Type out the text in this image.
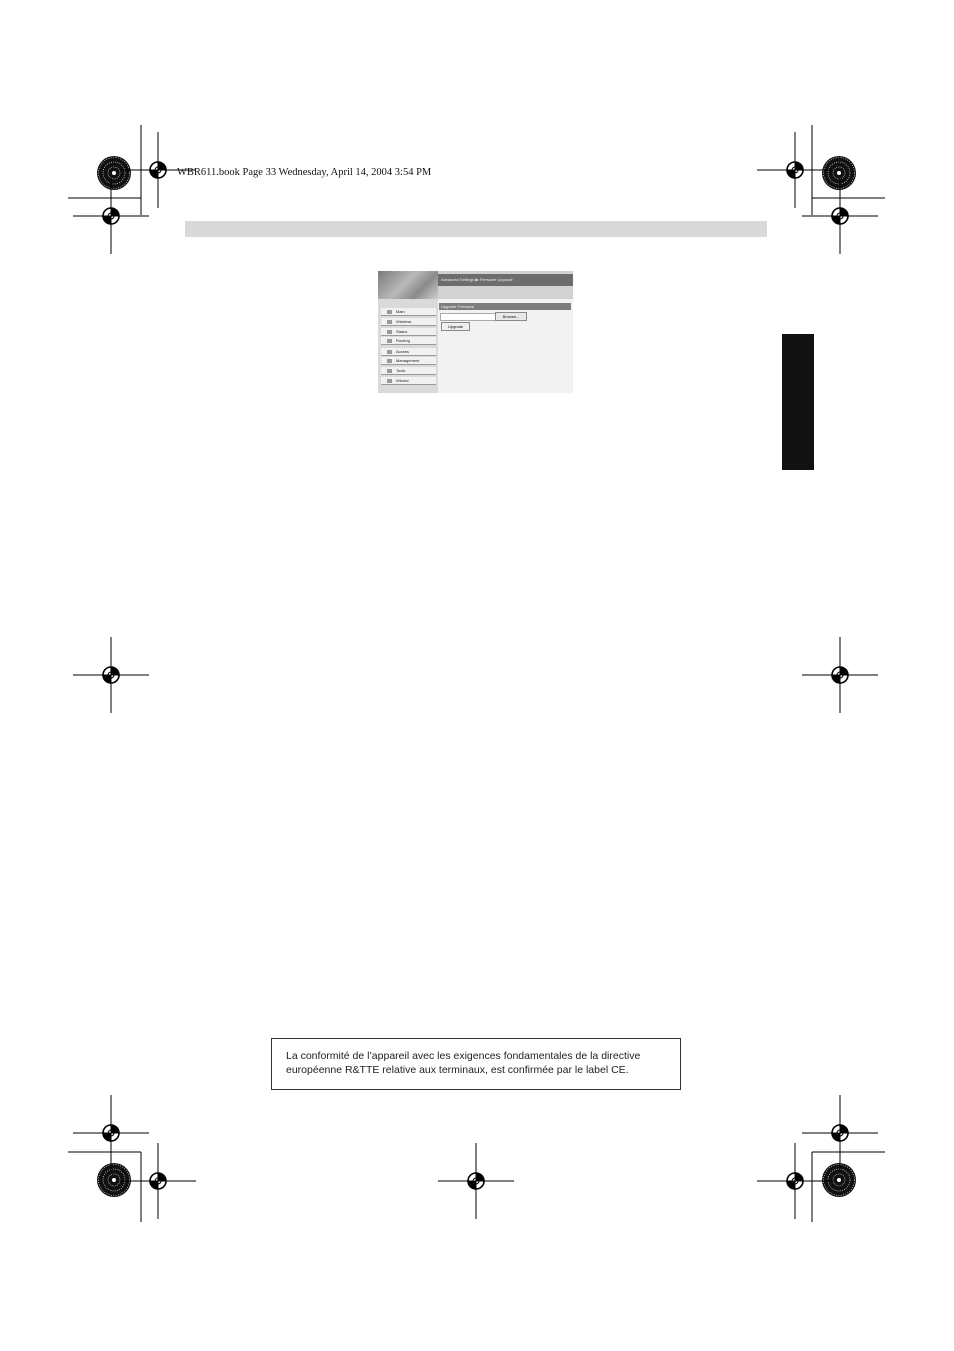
WBR611.book Page 33 Wednesday, April 14, 2004 3:54 PM
Advanced Settings ▶ Firmware Upgrade
Main
Wireless
Status
Routing
Access
Management
Tools
Wizard
Upgrade Firmware
Browse...
Upgrade
La conformité de l’appareil avec les exigences fondamentales de la directive
européenne R&TTE relative aux terminaux, est confirmée par le label CE.
